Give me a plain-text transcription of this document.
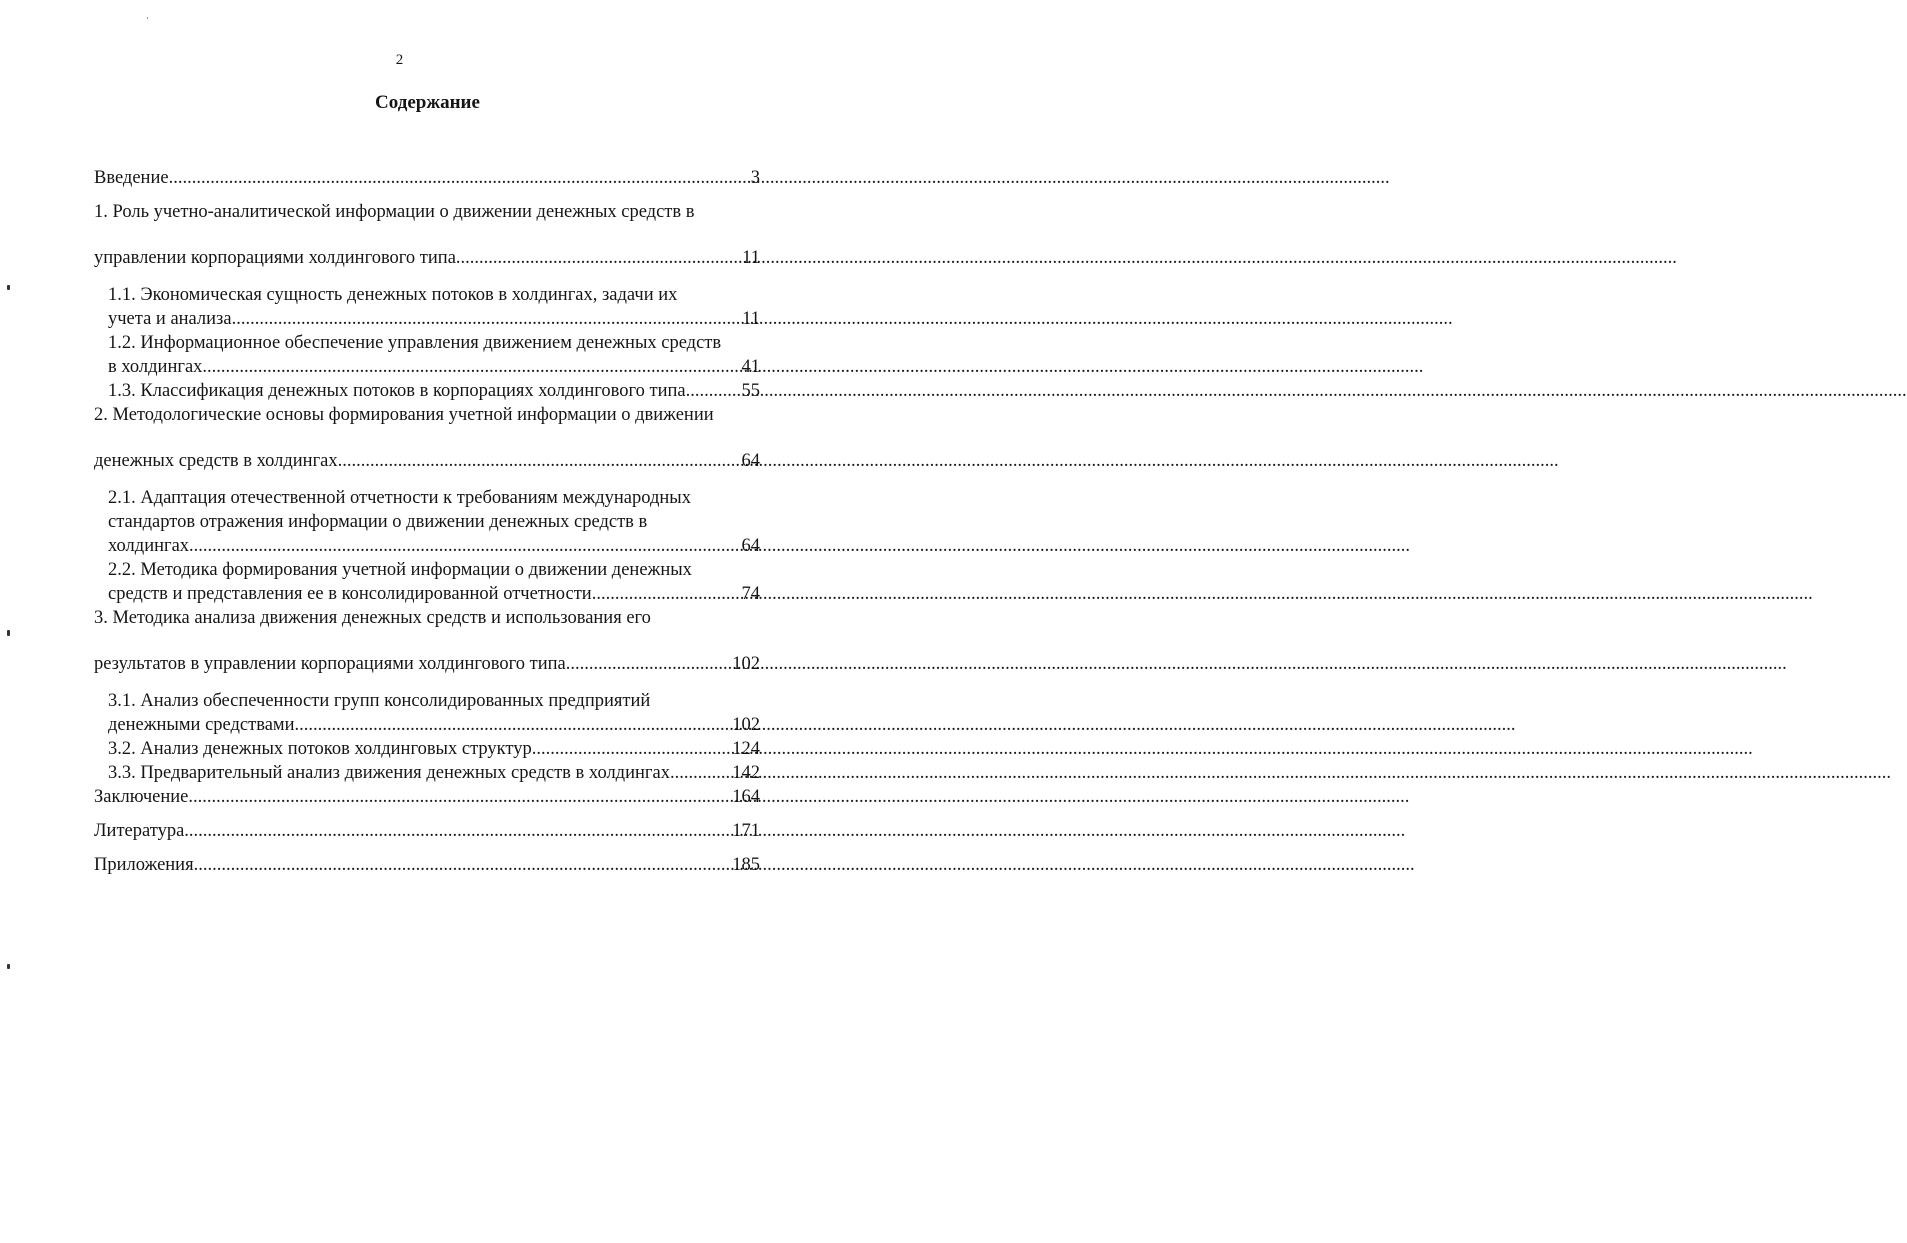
2
Содержание
Введение .....	3
1. Роль учетно-аналитической информации о движении денежных средств в
управлении корпорациями холдингового типа .....	11
1.1. Экономическая сущность денежных потоков в холдингах, задачи их
учета и анализа .....	11
1.2. Информационное обеспечение управления движением денежных средств
в холдингах .....	41
1.3. Классификация денежных потоков в корпорациях холдингового типа .....	55
2. Методологические основы формирования учетной информации о движении
денежных средств в холдингах .....	64
2.1. Адаптация отечественной отчетности к требованиям международных
стандартов отражения информации о движении денежных средств в
холдингах .....	64
2.2. Методика формирования учетной информации о движении денежных
средств и представления ее в консолидированной отчетности .....	74
3. Методика анализа движения денежных средств и использования его
результатов в управлении корпорациями холдингового типа .....	102
3.1. Анализ обеспеченности групп консолидированных предприятий
денежными средствами .....	102
3.2. Анализ денежных потоков холдинговых структур .....	124
3.3. Предварительный анализ движения денежных средств в холдингах .....	142
Заключение .....	164
Литература .....	171
Приложения .....	185
